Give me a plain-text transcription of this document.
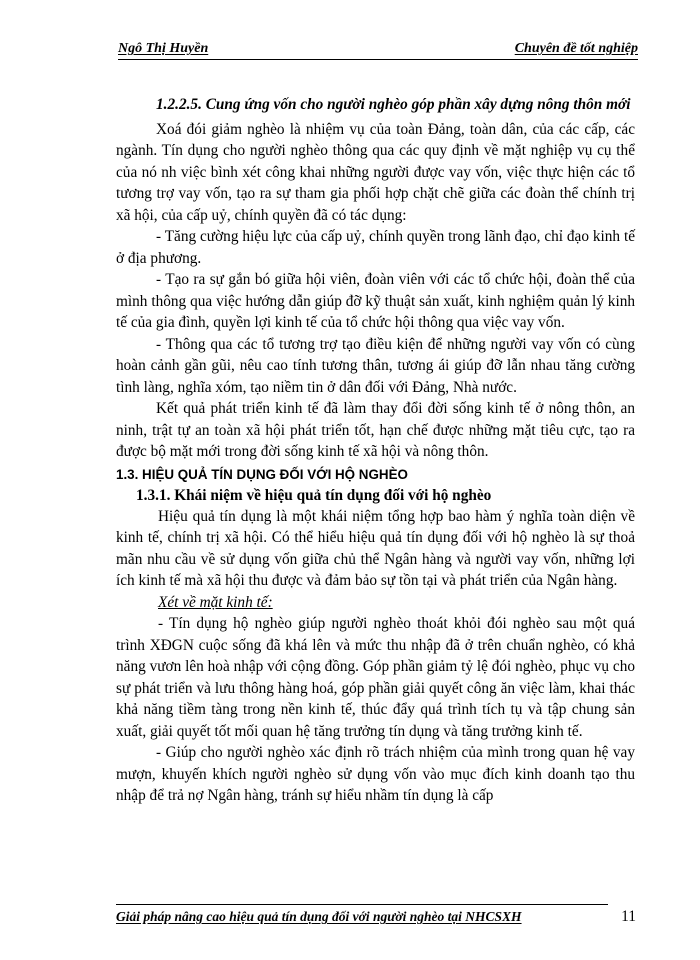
Ngô Thị Huyền	Chuyên đề tốt nghiệp

1.2.2.5. Cung ứng vốn cho người nghèo góp phần xây dựng nông thôn mới

Xoá đói giảm nghèo là nhiệm vụ của toàn Đảng, toàn dân, của các cấp, các ngành. Tín dụng cho người nghèo thông qua các quy định về mặt nghiệp vụ cụ thể của nó nh việc bình xét công khai những người được vay vốn, việc thực hiện các tổ tương trợ vay vốn, tạo ra sự tham gia phối hợp chặt chẽ giữa các đoàn thể chính trị xã hội, của cấp uỷ, chính quyền đã có tác dụng:

- Tăng cường hiệu lực của cấp uỷ, chính quyền trong lãnh đạo, chỉ đạo kinh tế ở địa phương.

- Tạo ra sự gắn bó giữa hội viên, đoàn viên với các tổ chức hội, đoàn thể của mình thông qua việc hướng dẫn giúp đỡ kỹ thuật sản xuất, kinh nghiệm quản lý kinh tế của gia đình, quyền lợi kinh tế của tổ chức hội thông qua việc vay vốn.

- Thông qua các tổ tương trợ tạo điều kiện để những người vay vốn có cùng hoàn cảnh gần gũi, nêu cao tính tương thân, tương ái giúp đỡ lẫn nhau tăng cường tình làng, nghĩa xóm, tạo niềm tin ở dân đối với Đảng, Nhà nước.

Kết quả phát triển kinh tế đã làm thay đổi đời sống kinh tế ở nông thôn, an ninh, trật tự an toàn xã hội phát triển tốt, hạn chế được những mặt tiêu cực, tạo ra được bộ mặt mới trong đời sống kinh tế xã hội và nông thôn.

1.3. HIỆU QUẢ TÍN DỤNG ĐỐI VỚI HỘ NGHÈO

1.3.1. Khái niệm về hiệu quả tín dụng đối với hộ nghèo

Hiệu quả tín dụng là một khái niệm tổng hợp bao hàm ý nghĩa toàn diện về kinh tế, chính trị xã hội. Có thể hiểu hiệu quả tín dụng đối với hộ nghèo là sự thoả mãn nhu cầu về sử dụng vốn giữa chủ thể Ngân hàng và người vay vốn, những lợi ích kinh tế mà xã hội thu được và đảm bảo sự tồn tại và phát triển của Ngân hàng.

Xét về mặt kinh tế:

- Tín dụng hộ nghèo giúp người nghèo thoát khỏi đói nghèo sau một quá trình XĐGN cuộc sống đã khá lên và mức thu nhập đã ở trên chuẩn nghèo, có khả năng vươn lên hoà nhập với cộng đồng. Góp phần giảm tỷ lệ đói nghèo, phục vụ cho sự phát triển và lưu thông hàng hoá, góp phần giải quyết công ăn việc làm, khai thác khả năng tiềm tàng trong nền kinh tế, thúc đẩy quá trình tích tụ và tập chung sản xuất, giải quyết tốt mối quan hệ tăng trưởng tín dụng và tăng trưởng kinh tế.

- Giúp cho người nghèo xác định rõ trách nhiệm của mình trong quan hệ vay mượn, khuyến khích người nghèo sử dụng vốn vào mục đích kinh doanh tạo thu nhập để trả nợ Ngân hàng, tránh sự hiểu nhầm tín dụng là cấp

Giải pháp nâng cao hiệu quả tín dụng đối với người nghèo tại NHCSXH	11
